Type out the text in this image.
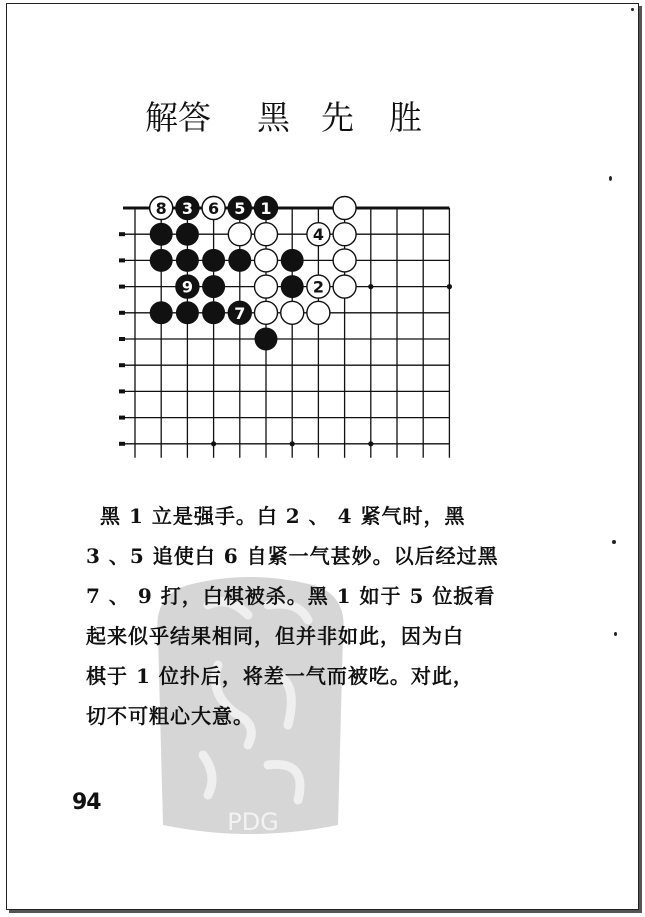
PDG
解答 黑 先 胜
8 3 6 5 1
4
9	2
7
黑 1 立是强手。白 2 、 4 紧气时，黑
3 、5 追使白 6 自紧一气甚妙。以后经过黑
7 、 9 打，白棋被杀。黑 1 如于 5 位扳看
起来似乎结果相同，但并非如此，因为白
棋于 1 位扑后，将差一气而被吃。对此，
切不可粗心大意。
94
